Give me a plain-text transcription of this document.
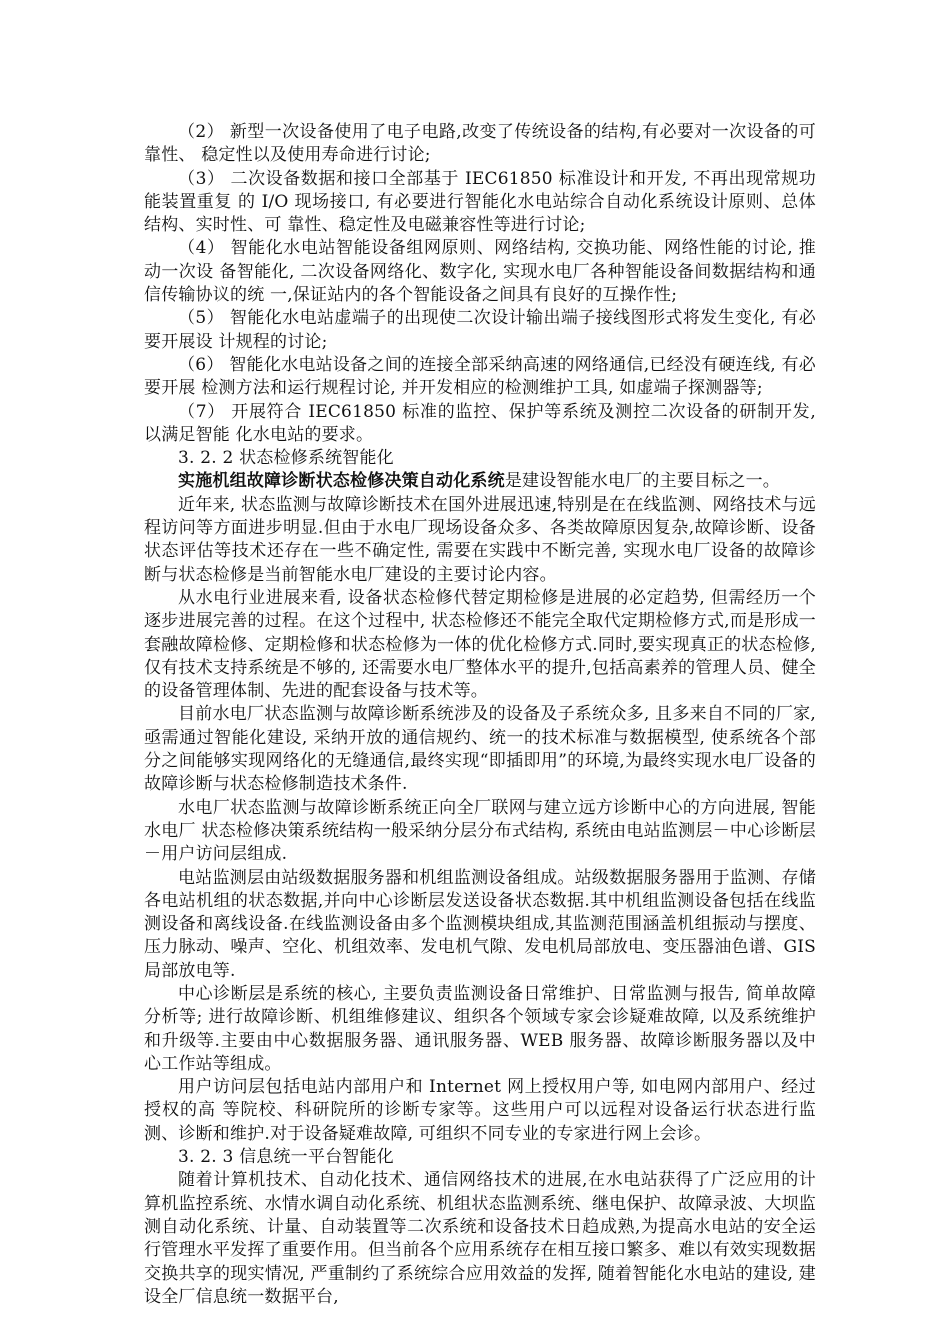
（2） 新型一次设备使用了电子电路,改变了传统设备的结构,有必要对一次设备的可靠性、 稳定性以及使用寿命进行讨论;

（3） 二次设备数据和接口全部基于 IEC61850 标准设计和开发, 不再出现常规功能装置重复 的 I/O 现场接口, 有必要进行智能化水电站综合自动化系统设计原则、总体结构、实时性、可 靠性、稳定性及电磁兼容性等进行讨论;

（4） 智能化水电站智能设备组网原则、网络结构, 交换功能、网络性能的讨论, 推动一次设 备智能化, 二次设备网络化、数字化, 实现水电厂各种智能设备间数据结构和通信传输协议的统 一,保证站内的各个智能设备之间具有良好的互操作性;

（5） 智能化水电站虚端子的出现使二次设计输出端子接线图形式将发生变化, 有必要开展设 计规程的讨论;

（6） 智能化水电站设备之间的连接全部采纳高速的网络通信,已经没有硬连线, 有必要开展 检测方法和运行规程讨论, 并开发相应的检测维护工具, 如虚端子探测器等;

（7） 开展符合 IEC61850 标准的监控、保护等系统及测控二次设备的研制开发, 以满足智能 化水电站的要求。

3. 2. 2 状态检修系统智能化

实施机组故障诊断状态检修决策自动化系统是建设智能水电厂的主要目标之一。

近年来, 状态监测与故障诊断技术在国外进展迅速,特别是在在线监测、网络技术与远程访问等方面进步明显.但由于水电厂现场设备众多、各类故障原因复杂,故障诊断、设备状态评估等技术还存在一些不确定性, 需要在实践中不断完善, 实现水电厂设备的故障诊断与状态检修是当前智能水电厂建设的主要讨论内容。

从水电行业进展来看, 设备状态检修代替定期检修是进展的必定趋势, 但需经历一个逐步进展完善的过程。在这个过程中, 状态检修还不能完全取代定期检修方式,而是形成一套融故障检修、定期检修和状态检修为一体的优化检修方式.同时,要实现真正的状态检修, 仅有技术支持系统是不够的, 还需要水电厂整体水平的提升,包括高素养的管理人员、健全的设备管理体制、先进的配套设备与技术等。

目前水电厂状态监测与故障诊断系统涉及的设备及子系统众多, 且多来自不同的厂家, 亟需通过智能化建设, 采纳开放的通信规约、统一的技术标准与数据模型, 使系统各个部分之间能够实现网络化的无缝通信,最终实现“即插即用”的环境,为最终实现水电厂设备的故障诊断与状态检修制造技术条件.

水电厂状态监测与故障诊断系统正向全厂联网与建立远方诊断中心的方向进展, 智能水电厂 状态检修决策系统结构一般采纳分层分布式结构, 系统由电站监测层－中心诊断层－用户访问层组成.

电站监测层由站级数据服务器和机组监测设备组成。站级数据服务器用于监测、存储各电站机组的状态数据,并向中心诊断层发送设备状态数据.其中机组监测设备包括在线监测设备和离线设备.在线监测设备由多个监测模块组成,其监测范围涵盖机组振动与摆度、压力脉动、噪声、空化、机组效率、发电机气隙、发电机局部放电、变压器油色谱、GIS 局部放电等.

中心诊断层是系统的核心, 主要负责监测设备日常维护、日常监测与报告, 简单故障分析等; 进行故障诊断、机组维修建议、组织各个领域专家会诊疑难故障, 以及系统维护和升级等.主要由中心数据服务器、通讯服务器、WEB 服务器、故障诊断服务器以及中心工作站等组成。

用户访问层包括电站内部用户和 Internet 网上授权用户等, 如电网内部用户、经过授权的高 等院校、科研院所的诊断专家等。这些用户可以远程对设备运行状态进行监测、诊断和维护.对于设备疑难故障, 可组织不同专业的专家进行网上会诊。

3. 2. 3 信息统一平台智能化

随着计算机技术、自动化技术、通信网络技术的进展,在水电站获得了广泛应用的计算机监控系统、水情水调自动化系统、机组状态监测系统、继电保护、故障录波、大坝监测自动化系统、计量、自动装置等二次系统和设备技术日趋成熟,为提高水电站的安全运行管理水平发挥了重要作用。但当前各个应用系统存在相互接口繁多、难以有效实现数据交换共享的现实情况, 严重制约了系统综合应用效益的发挥, 随着智能化水电站的建设, 建设全厂信息统一数据平台,
